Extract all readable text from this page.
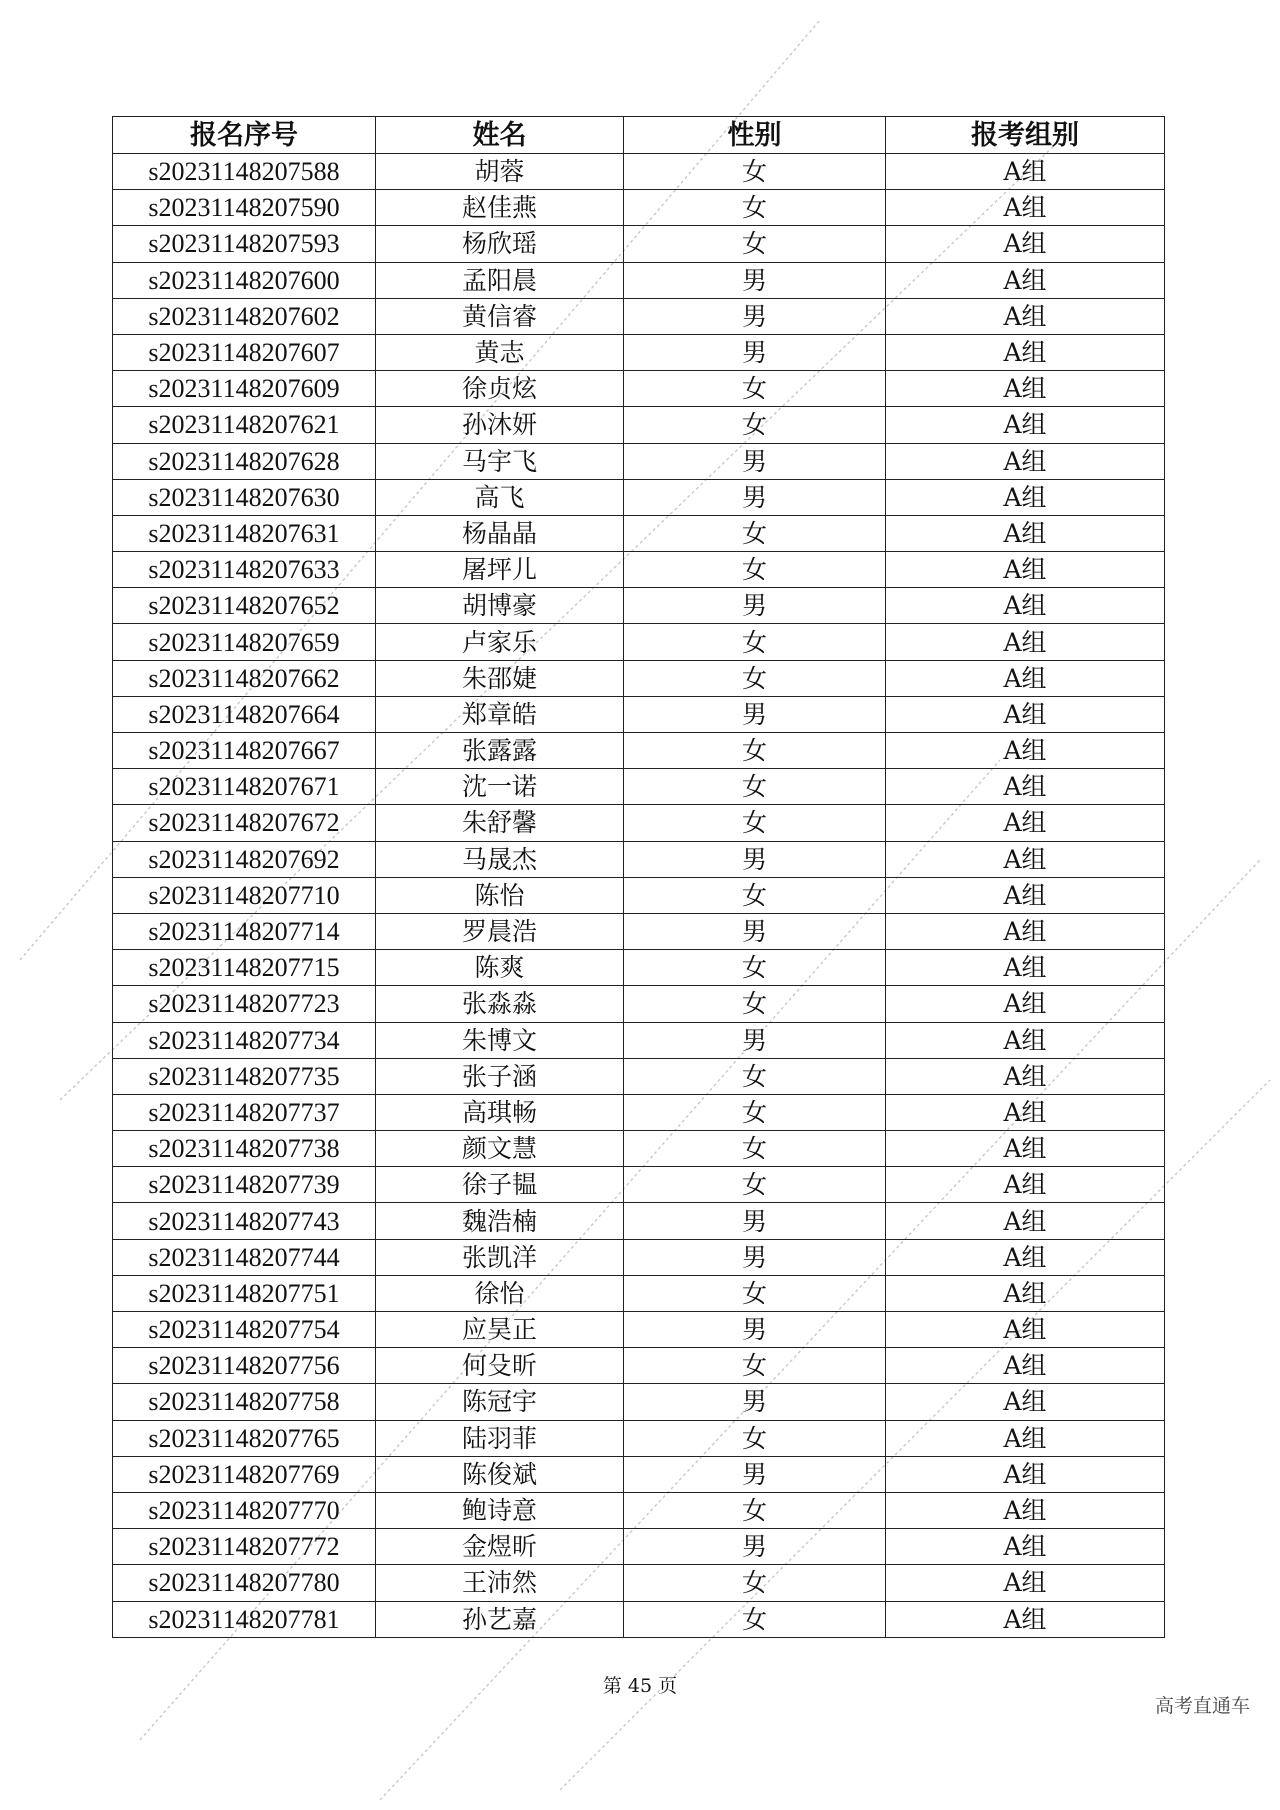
报名序号	姓名	性别	报考组别
s20231148207588	胡蓉	女	A组
s20231148207590	赵佳燕	女	A组
s20231148207593	杨欣瑶	女	A组
s20231148207600	孟阳晨	男	A组
s20231148207602	黄信睿	男	A组
s20231148207607	黄志	男	A组
s20231148207609	徐贞炫	女	A组
s20231148207621	孙沐妍	女	A组
s20231148207628	马宇飞	男	A组
s20231148207630	高飞	男	A组
s20231148207631	杨晶晶	女	A组
s20231148207633	屠坪儿	女	A组
s20231148207652	胡博豪	男	A组
s20231148207659	卢家乐	女	A组
s20231148207662	朱邵婕	女	A组
s20231148207664	郑章皓	男	A组
s20231148207667	张露露	女	A组
s20231148207671	沈一诺	女	A组
s20231148207672	朱舒馨	女	A组
s20231148207692	马晟杰	男	A组
s20231148207710	陈怡	女	A组
s20231148207714	罗晨浩	男	A组
s20231148207715	陈爽	女	A组
s20231148207723	张淼淼	女	A组
s20231148207734	朱博文	男	A组
s20231148207735	张子涵	女	A组
s20231148207737	高琪畅	女	A组
s20231148207738	颜文慧	女	A组
s20231148207739	徐子韫	女	A组
s20231148207743	魏浩楠	男	A组
s20231148207744	张凯洋	男	A组
s20231148207751	徐怡	女	A组
s20231148207754	应昊正	男	A组
s20231148207756	何殳昕	女	A组
s20231148207758	陈冠宇	男	A组
s20231148207765	陆羽菲	女	A组
s20231148207769	陈俊斌	男	A组
s20231148207770	鲍诗意	女	A组
s20231148207772	金煜昕	男	A组
s20231148207780	王沛然	女	A组
s20231148207781	孙艺嘉	女	A组
第 45 页
高考直通车
